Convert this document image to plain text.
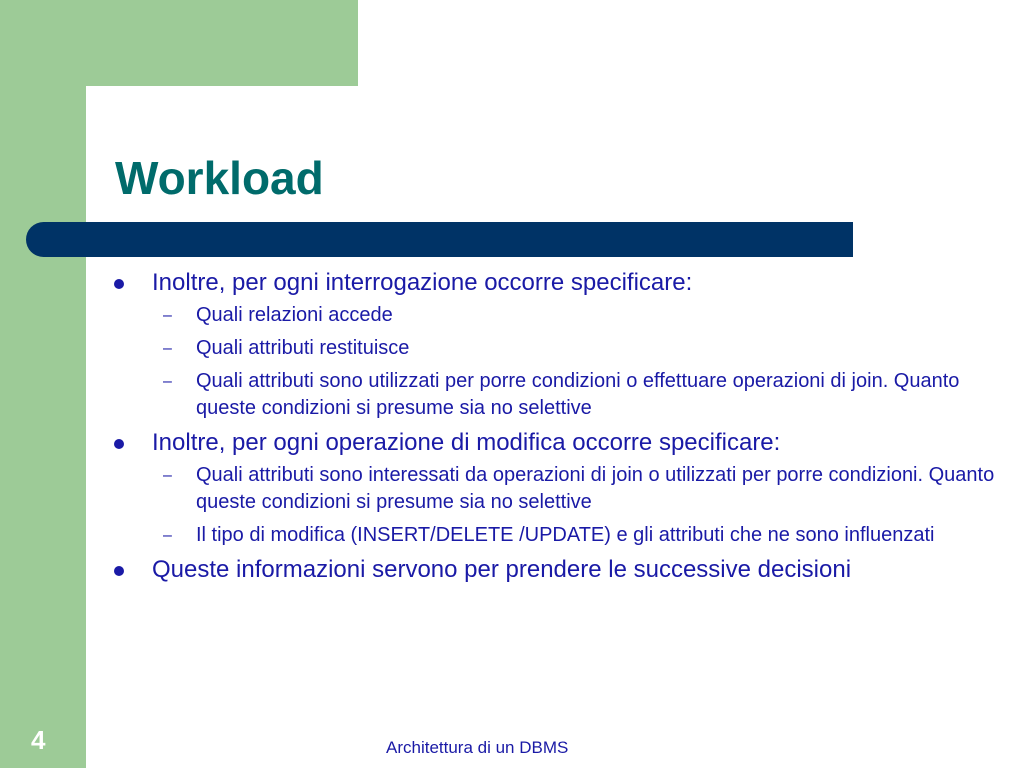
Workload
Inoltre, per ogni interrogazione occorre specificare:
– Quali relazioni accede
– Quali attributi restituisce
– Quali attributi sono utilizzati per porre condizioni o effettuare operazioni di join. Quanto queste condizioni si presume sia no selettive
Inoltre, per ogni operazione di modifica occorre specificare:
– Quali attributi sono interessati da operazioni di join o utilizzati per porre condizioni. Quanto queste condizioni si presume sia no selettive
– Il tipo di modifica (INSERT/DELETE /UPDATE) e gli attributi che ne sono influenzati
Queste informazioni servono per prendere le successive decisioni
4	Architettura di un DBMS
